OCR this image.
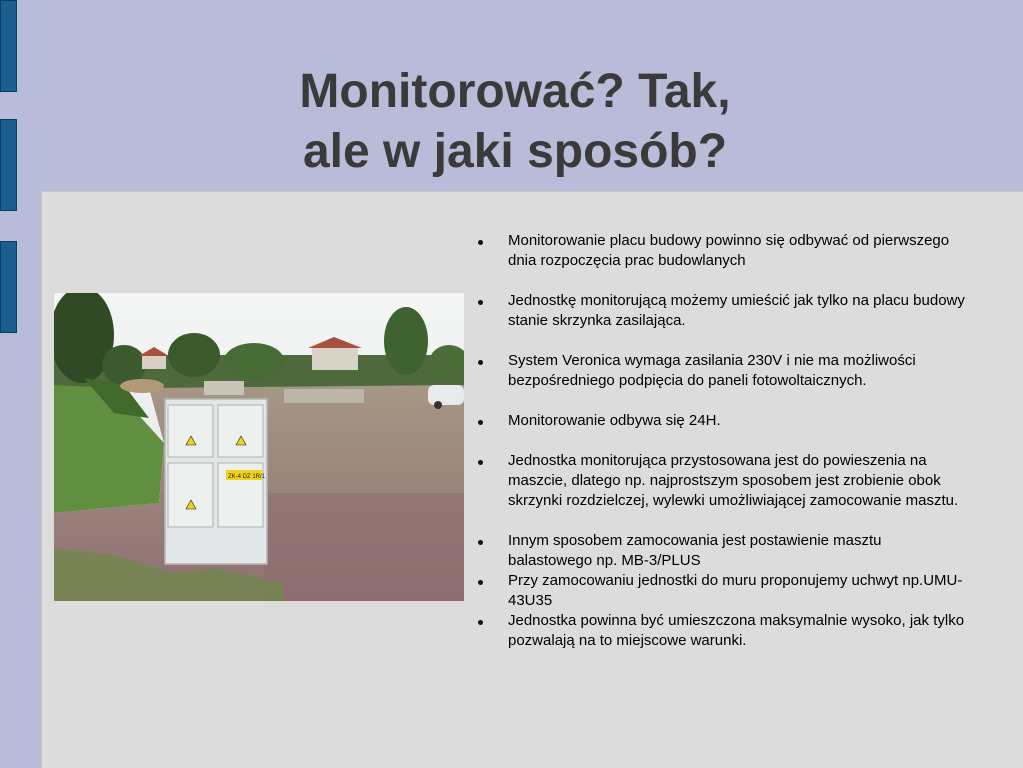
Monitorować? Tak,
ale w jaki sposób?
ZK-4 DZ 1R/1
Monitorowanie placu budowy powinno się odbywać od pierwszego dnia rozpoczęcia prac budowlanych
Jednostkę monitorującą możemy umieścić jak tylko na placu budowy stanie skrzynka zasilająca.
System Veronica wymaga zasilania 230V i nie ma możliwości bezpośredniego podpięcia do paneli fotowoltaicznych.
Monitorowanie odbywa się 24H.
Jednostka monitorująca przystosowana jest do powieszenia na maszcie, dlatego np. najprostszym sposobem jest zrobienie obok skrzynki rozdzielczej, wylewki umożliwiającej zamocowanie masztu.
Innym sposobem zamocowania jest postawienie masztu balastowego np. MB-3/PLUS
Przy zamocowaniu jednostki do muru proponujemy uchwyt np.UMU-43U35
Jednostka powinna być umieszczona maksymalnie wysoko, jak tylko pozwalają na to miejscowe warunki.
